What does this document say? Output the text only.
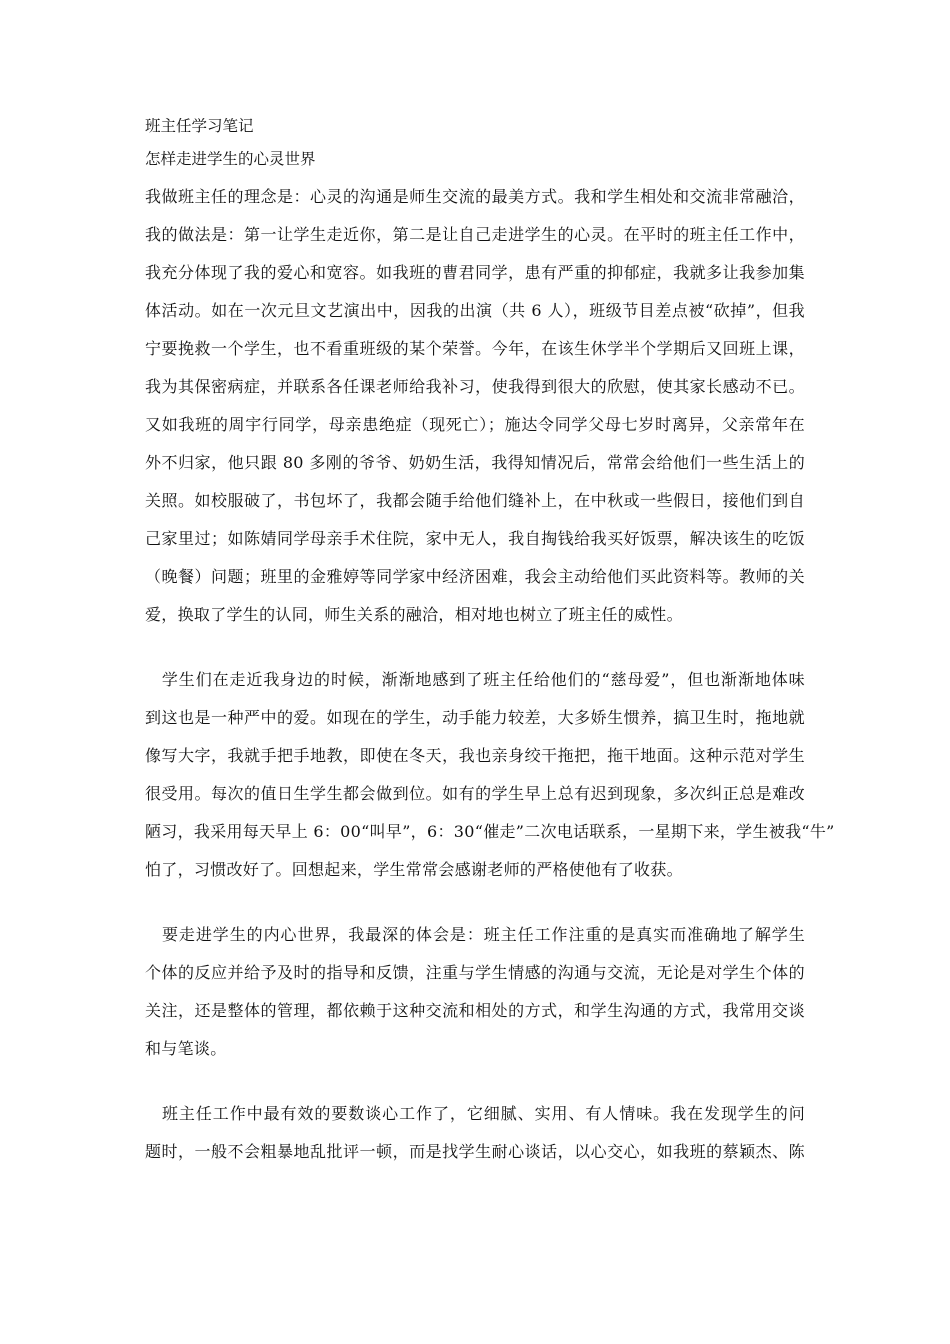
班主任学习笔记
怎样走进学生的心灵世界
我做班主任的理念是：心灵的沟通是师生交流的最美方式。我和学生相处和交流非常融洽，
我的做法是：第一让学生走近你，第二是让自己走进学生的心灵。在平时的班主任工作中，
我充分体现了我的爱心和宽容。如我班的曹君同学，患有严重的抑郁症，我就多让我参加集
体活动。如在一次元旦文艺演出中，因我的出演（共 6 人），班级节目差点被“砍掉”，但我
宁要挽救一个学生，也不看重班级的某个荣誉。今年，在该生休学半个学期后又回班上课，
我为其保密病症，并联系各任课老师给我补习，使我得到很大的欣慰，使其家长感动不已。
又如我班的周宇行同学，母亲患绝症（现死亡）；施达令同学父母七岁时离异，父亲常年在
外不归家，他只跟 80 多刚的爷爷、奶奶生活，我得知情况后，常常会给他们一些生活上的
关照。如校服破了，书包坏了，我都会随手给他们缝补上，在中秋或一些假日，接他们到自
己家里过；如陈婧同学母亲手术住院，家中无人，我自掏钱给我买好饭票，解决该生的吃饭
（晚餐）问题；班里的金雅婷等同学家中经济困难，我会主动给他们买此资料等。教师的关
爱，换取了学生的认同，师生关系的融洽，相对地也树立了班主任的威性。
　学生们在走近我身边的时候，渐渐地感到了班主任给他们的“慈母爱”，但也渐渐地体味
到这也是一种严中的爱。如现在的学生，动手能力较差，大多娇生惯养，搞卫生时，拖地就
像写大字，我就手把手地教，即使在冬天，我也亲身绞干拖把，拖干地面。这种示范对学生
很受用。每次的值日生学生都会做到位。如有的学生早上总有迟到现象，多次纠正总是难改
陋习，我采用每天早上 6：00“叫早”，6：30“催走”二次电话联系，一星期下来，学生被我“牛”
怕了，习惯改好了。回想起来，学生常常会感谢老师的严格使他有了收获。
　要走进学生的内心世界，我最深的体会是：班主任工作注重的是真实而准确地了解学生
个体的反应并给予及时的指导和反馈，注重与学生情感的沟通与交流，无论是对学生个体的
关注，还是整体的管理，都依赖于这种交流和相处的方式，和学生沟通的方式，我常用交谈
和与笔谈。
　班主任工作中最有效的要数谈心工作了，它细腻、实用、有人情味。我在发现学生的问
题时，一般不会粗暴地乱批评一顿，而是找学生耐心谈话，以心交心，如我班的蔡颖杰、陈
